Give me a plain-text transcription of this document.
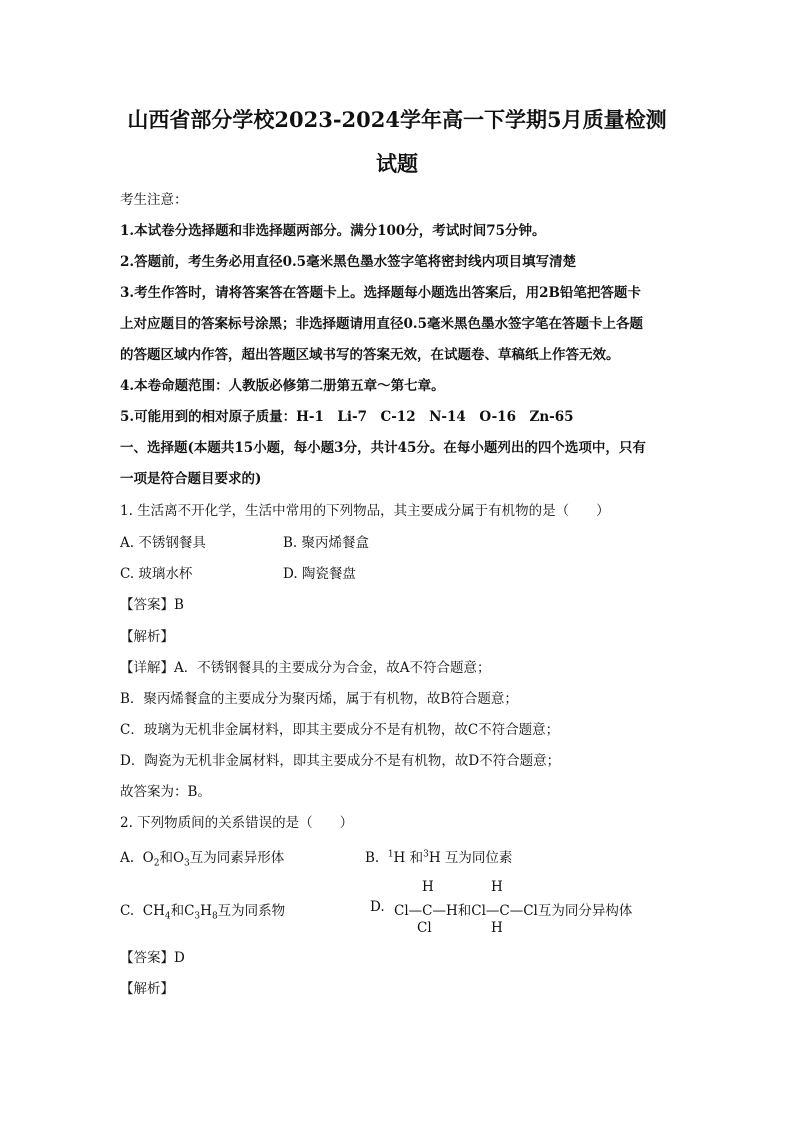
山西省部分学校2023-2024学年高一下学期5月质量检测
试题
考生注意：
1.本试卷分选择题和非选择题两部分。满分100分，考试时间75分钟。
2.答题前，考生务必用直径0.5毫米黑色墨水签字笔将密封线内项目填写清楚
3.考生作答时，请将答案答在答题卡上。选择题每小题选出答案后，用2B铅笔把答题卡
上对应题目的答案标号涂黑；非选择题请用直径0.5毫米黑色墨水签字笔在答题卡上各题
的答题区域内作答，超出答题区域书写的答案无效，在试题卷、草稿纸上作答无效。
4.本卷命题范围：人教版必修第二册第五章～第七章。
5.可能用到的相对原子质量：H-1　Li-7　C-12　N-14　O-16　Zn-65
一、选择题(本题共15小题，每小题3分，共计45分。在每小题列出的四个选项中，只有
一项是符合题目要求的)
1. 生活离不开化学，生活中常用的下列物品，其主要成分属于有机物的是（　　）
A. 不锈钢餐具	B. 聚丙烯餐盒
C. 玻璃水杯	D. 陶瓷餐盘
【答案】B
【解析】
【详解】A．不锈钢餐具的主要成分为合金，故A不符合题意；
B．聚丙烯餐盒的主要成分为聚丙烯，属于有机物，故B符合题意；
C．玻璃为无机非金属材料，即其主要成分不是有机物，故C不符合题意；
D．陶瓷为无机非金属材料，即其主要成分不是有机物，故D不符合题意；
故答案为：B。
2. 下列物质间的关系错误的是（　　）
A. $O_2$和$O_3$互为同素异形体	B. $^1$H 和$^3$H 互为同位素
C. $CH_4$和$C_3H_8$互为同系物	D.
H
Cl—C—H和Cl—C—Cl互为同分异构体
H
Cl	H
【答案】D
【解析】
